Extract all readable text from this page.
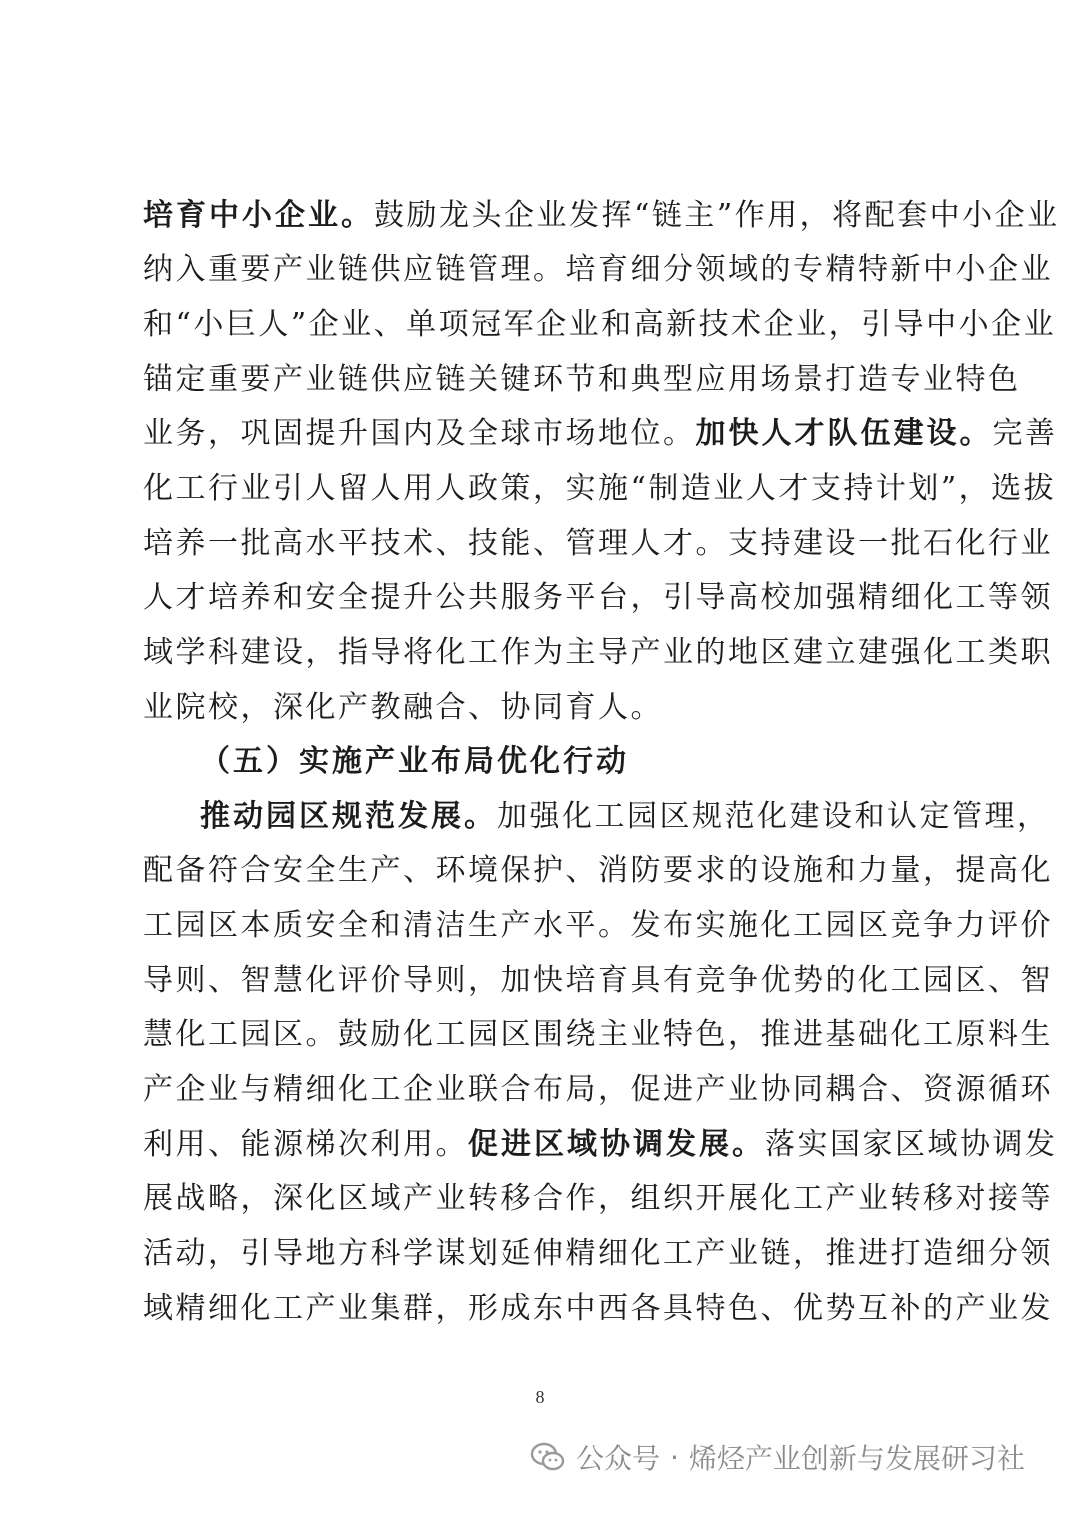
培育中小企业。鼓励龙头企业发挥“链主”作用，将配套中小企业
纳入重要产业链供应链管理。培育细分领域的专精特新中小企业
和“小巨人”企业、单项冠军企业和高新技术企业，引导中小企业
锚定重要产业链供应链关键环节和典型应用场景打造专业特色
业务，巩固提升国内及全球市场地位。加快人才队伍建设。完善
化工行业引人留人用人政策，实施“制造业人才支持计划”，选拔
培养一批高水平技术、技能、管理人才。支持建设一批石化行业
人才培养和安全提升公共服务平台，引导高校加强精细化工等领
域学科建设，指导将化工作为主导产业的地区建立建强化工类职
业院校，深化产教融合、协同育人。
（五）实施产业布局优化行动
推动园区规范发展。加强化工园区规范化建设和认定管理，
配备符合安全生产、环境保护、消防要求的设施和力量，提高化
工园区本质安全和清洁生产水平。发布实施化工园区竞争力评价
导则、智慧化评价导则，加快培育具有竞争优势的化工园区、智
慧化工园区。鼓励化工园区围绕主业特色，推进基础化工原料生
产企业与精细化工企业联合布局，促进产业协同耦合、资源循环
利用、能源梯次利用。促进区域协调发展。落实国家区域协调发
展战略，深化区域产业转移合作，组织开展化工产业转移对接等
活动，引导地方科学谋划延伸精细化工产业链，推进打造细分领
域精细化工产业集群，形成东中西各具特色、优势互补的产业发
8
公众号 · 烯烃产业创新与发展研习社
